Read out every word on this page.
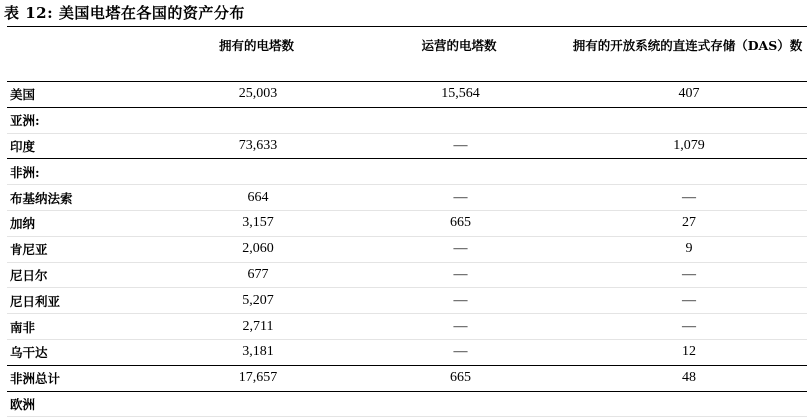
表 12: 美国电塔在各国的资产分布
	拥有的电塔数	运营的电塔数	拥有的开放系统的直连式存储（DAS）数
美国	25,003	15,564	407
亚洲:			
印度	73,633	—	1,079
非洲:			
布基纳法索	664	—	—
加纳	3,157	665	27
肯尼亚	2,060	—	9
尼日尔	677	—	—
尼日利亚	5,207	—	—
南非	2,711	—	—
乌干达	3,181	—	12
非洲总计	17,657	665	48
欧洲			
